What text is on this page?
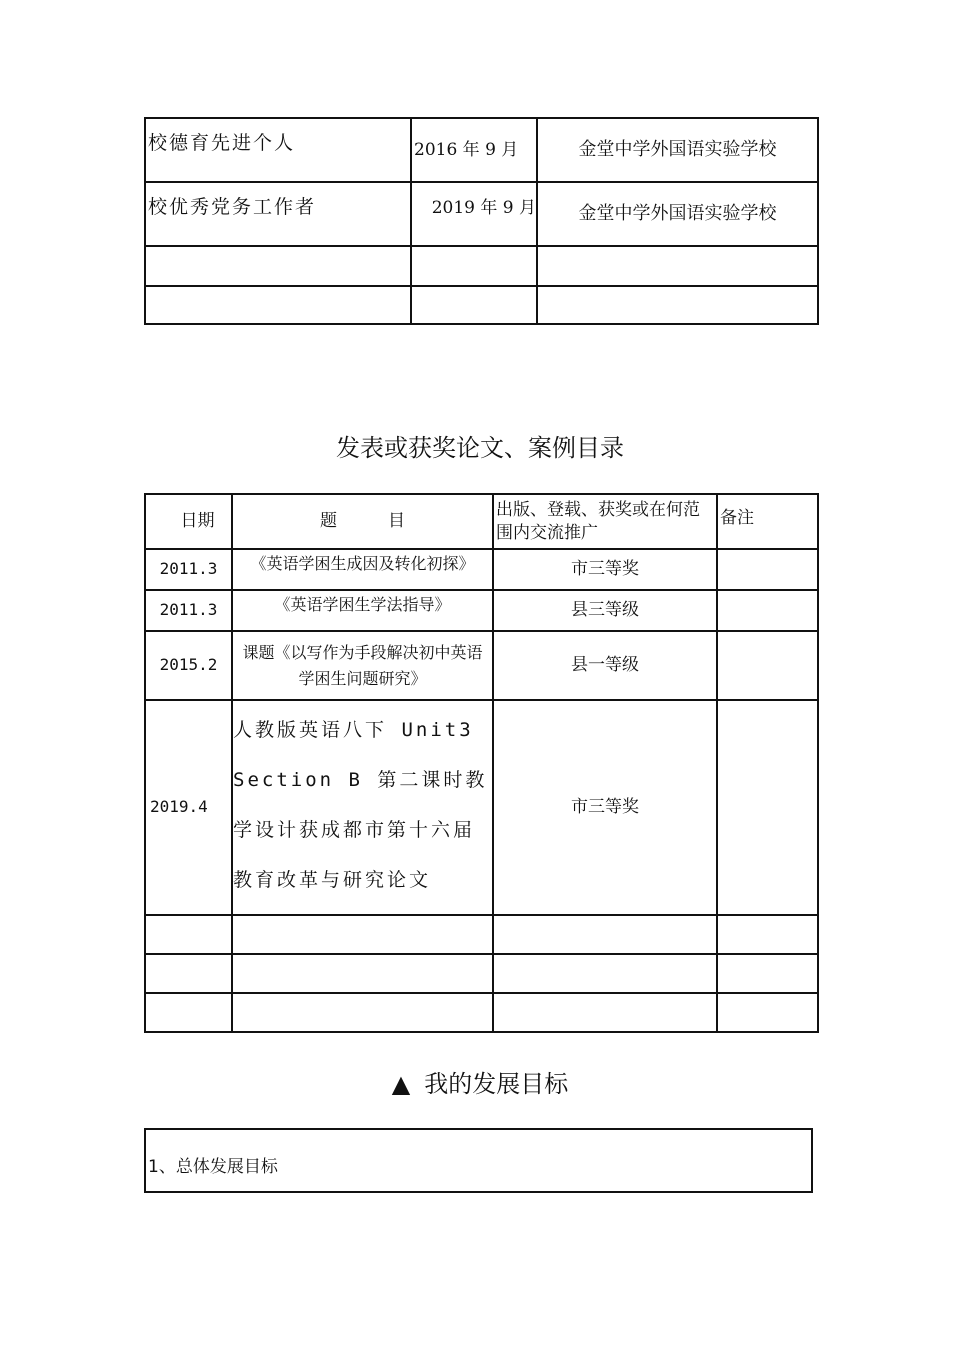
校德育先进个人	2016 年 9 月	金堂中学外国语实验学校
校优秀党务工作者	2019 年 9 月	金堂中学外国语实验学校

发表或获奖论文、案例目录
日期	题　　　目	出版、登载、获奖或在何范围内交流推广	备注
2011.3	《英语学困生成因及转化初探》	市三等奖	
2011.3	《英语学困生学法指导》	县三等级	
2015.2	课题《以写作为手段解决初中英语学困生问题研究》	县一等级	
2019.4	人教版英语八下 Unit3 Section B 第二课时教学设计获成都市第十六届教育改革与研究论文	市三等奖	

▲ 我的发展目标
1、总体发展目标
